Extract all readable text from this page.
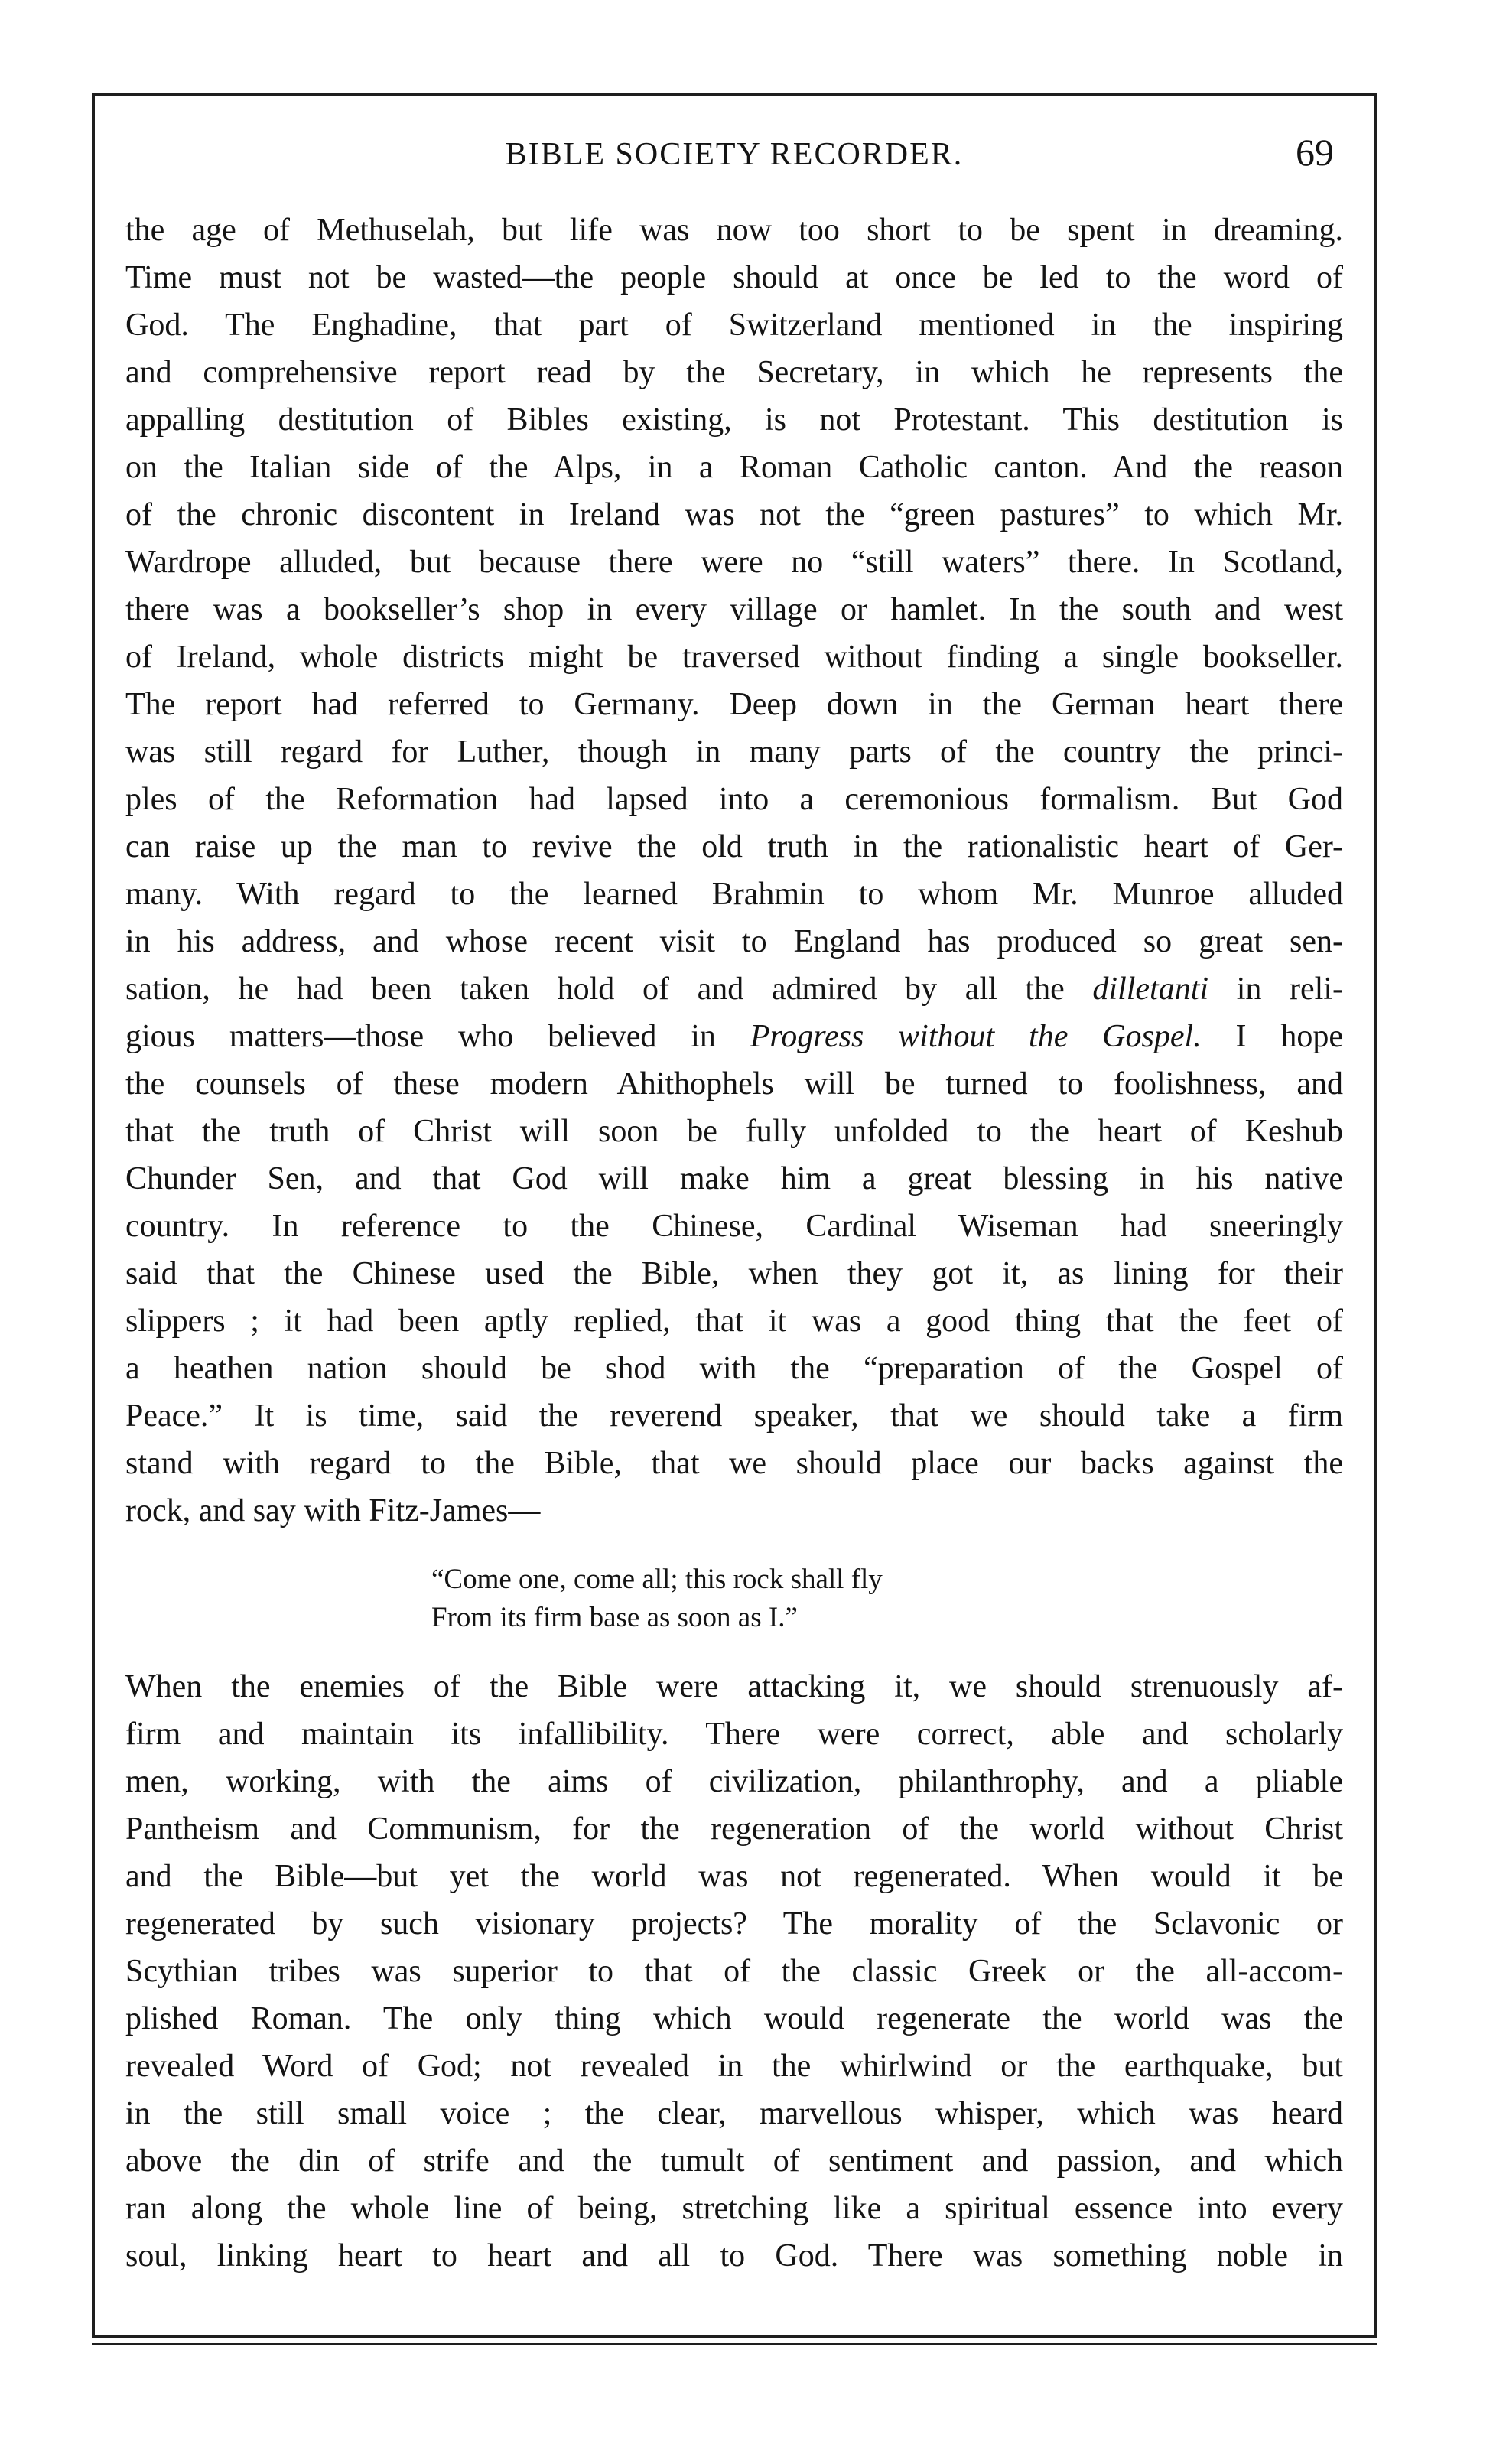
BIBLE SOCIETY RECORDER.	69
the age of Methuselah, but life was now too short to be spent in dreaming.
Time must not be wasted—the people should at once be led to the word of
God. The Enghadine, that part of Switzerland mentioned in the inspiring
and comprehensive report read by the Secretary, in which he represents the
appalling destitution of Bibles existing, is not Protestant. This destitution is
on the Italian side of the Alps, in a Roman Catholic canton. And the reason
of the chronic discontent in Ireland was not the “green pastures” to which Mr.
Wardrope alluded, but because there were no “still waters” there. In Scotland,
there was a bookseller’s shop in every village or hamlet. In the south and west
of Ireland, whole districts might be traversed without finding a single bookseller.
The report had referred to Germany. Deep down in the German heart there
was still regard for Luther, though in many parts of the country the princi-
ples of the Reformation had lapsed into a ceremonious formalism. But God
can raise up the man to revive the old truth in the rationalistic heart of Ger-
many. With regard to the learned Brahmin to whom Mr. Munroe alluded
in his address, and whose recent visit to England has produced so great sen-
sation, he had been taken hold of and admired by all the dilletanti in reli-
gious matters—those who believed in Progress without the Gospel. I hope
the counsels of these modern Ahithophels will be turned to foolishness, and
that the truth of Christ will soon be fully unfolded to the heart of Keshub
Chunder Sen, and that God will make him a great blessing in his native
country. In reference to the Chinese, Cardinal Wiseman had sneeringly
said that the Chinese used the Bible, when they got it, as lining for their
slippers ; it had been aptly replied, that it was a good thing that the feet of
a heathen nation should be shod with the “preparation of the Gospel of
Peace.” It is time, said the reverend speaker, that we should take a firm
stand with regard to the Bible, that we should place our backs against the
rock, and say with Fitz-James—
“Come one, come all; this rock shall fly
From its firm base as soon as I.”
When the enemies of the Bible were attacking it, we should strenuously af-
firm and maintain its infallibility. There were correct, able and scholarly
men, working, with the aims of civilization, philanthrophy, and a pliable
Pantheism and Communism, for the regeneration of the world without Christ
and the Bible—but yet the world was not regenerated. When would it be
regenerated by such visionary projects? The morality of the Sclavonic or
Scythian tribes was superior to that of the classic Greek or the all-accom-
plished Roman. The only thing which would regenerate the world was the
revealed Word of God; not revealed in the whirlwind or the earthquake, but
in the still small voice ; the clear, marvellous whisper, which was heard
above the din of strife and the tumult of sentiment and passion, and which
ran along the whole line of being, stretching like a spiritual essence into every
soul, linking heart to heart and all to God. There was something noble in
